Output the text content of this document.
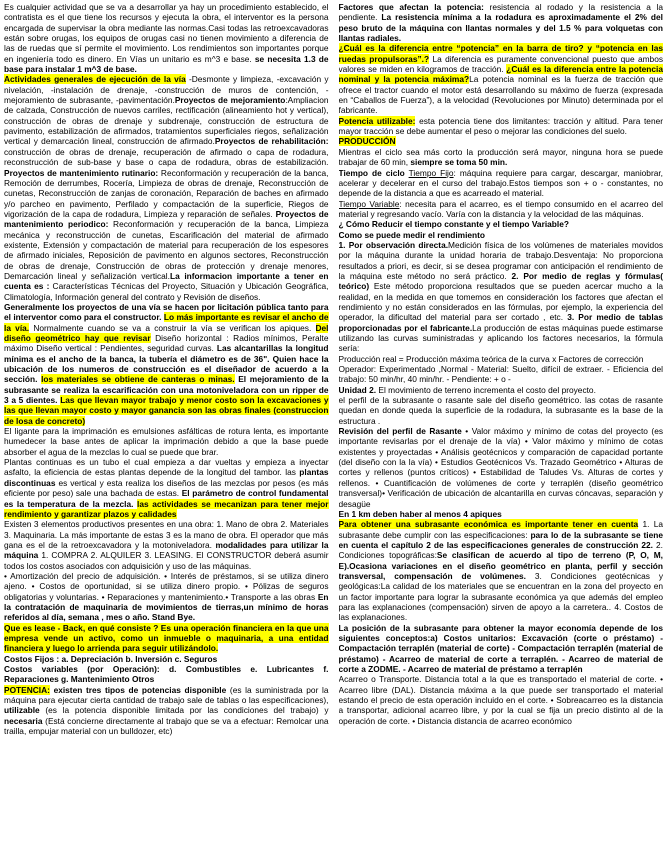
Es cualquier actividad que se va a desarrollar ya hay un procedimiento establecido, el contratista es el que tiene los recursos y ejecuta la obra, el interventor es la persona encargada de supervisar la obra mediante las normas.Casi todas las retroexcavadoras están sobre orugas, los equipos de orugas casi no tienen movimiento a diferencia de las de ruedas que sí permite el movimiento. Los rendimientos son importantes porque en ingeniería todo es dinero. En Vías un unitario es m^3 e base. se necesita 1.3 de base para instalar 1 m^3 de base.

Actividades generales de ejecución de la vía -Desmonte y limpieza, -excavación y nivelación, -instalación de drenaje, -construcción de muros de contención, -mejoramiento de subrasante, -pavimentación.Proyectos de mejoramiento:Ampliacion de calzada, Construcción de nuevos carriles, rectificación (alineamiento hot y vertical), construcción de obras de drenaje y subdrenaje, construcción de estructura de pavimento, estabilización de afirmados, tratamientos superficiales riegos, señalización vertical y demarcación lineal, construcción de afirmado.Proyectos de rehabilitación: construcción de obras de drenaje, recuperación de afirmado o capa de rodadura, reconstrucción de sub-base y base o capa de rodadura, obras de estabilización. Proyectos de mantenimiento rutinario: Reconformación y recuperación de la banca, Remoción de derrumbes, Rocería, Limpieza de obras de drenaje, Reconstrucción de cunetas, Reconstrucción de zanjas de coronación, Reparación de baches en afirmado y/o parcheo en pavimento, Perfilado y compactación de la superficie, Riegos de vigorización de la capa de rodadura, Limpieza y reparación de señales. Proyectos de mantenimiento periodico: Reconformación y recuperación de la banca, Limpieza mecánica y reconstrucción de cunetas, Escarificación del material de afirmado existente, Extensión y compactación de material para recuperación de los espesores de afirmado iniciales, Reposición de pavimento en algunos sectores, Reconstrucción de obras de drenaje, Construcción de obras de protección y drenaje menores, Demarcación lineal y señalización vertical.La informacion importante a tener en cuenta es : Características Técnicas del Proyecto, Situación y Ubicación Geográfica, Climatología, Información general del contrato y Revisión de diseños.

Generalmente los proyectos de una vía se hacen por licitación pública tanto para el interventor como para el constructor. Lo más importante es revisar el ancho de la vía. Normalmente cuando se va a construir la vía se verifican los apiques. Del diseño geométrico hay que revisar Diseño horizontal : Radios mínimos, Peralte máximo Diseño vertical : Pendientes, seguridad curvas. Las alcantarillas la longitud mínima es el ancho de la banca, la tubería el diámetro es de 36". Quien hace la ubicación de los numeros de construcción es el diseñador de acuerdo a la sección. los materiales se obtiene de canteras o minas. El mejoramiento de la subrasante se realiza la escarificación con una motoniveladora con un ripper de 3 a 5 dientes. Las que llevan mayor trabajo y menor costo son la excavaciones y las que llevan mayor costo y mayor ganancia son las obras finales (construccion de losa de concreto)

El ligante para la imprimación es emulsiones asfálticas de rotura lenta, es importante humedecer la base antes de aplicar la imprimación debido a que la base puede absorber el agua de la mezclas lo cual se puede que brar.

Plantas continuas es un tubo el cual empieza a dar vueltas y empieza a inyectar asfalto, la eficiencia de estas plantas depende de la longitud del tambor. las plantas discontinuas es vertical y esta realiza los diseños de las mezclas por pesos (es más eficiente por peso) sale una bachada de estas. El parámetro de control fundamental es la temperatura de la mezcla. las actividades se mecanizan para tener mejor rendimiento y garantizar plazos y calidades

Existen 3 elementos productivos presentes en una obra: 1. Mano de obra 2. Materiales 3. Maquinaria. La más importante de estas 3 es la mano de obra. El operador que más gana es el de la retroexcavadora y la motoniveladora. modalidades para utilizar la máquina 1. COMPRA 2. ALQUILER 3. LEASING. El CONSTRUCTOR deberá asumir todos los costos asociados con adquisición y uso de las máquinas.

• Amortización del precio de adquisición. • Interés de préstamos, si se utiliza dinero ajeno. • Costos de oportunidad, si se utiliza dinero propio. • Pólizas de seguros obligatorias y voluntarias. • Reparaciones y mantenimiento.• Transporte a las obras En la contratación de maquinaria de movimientos de tierras,un mínimo de horas referidos al día, semana , mes o año. Stand Bye.

Que es lease - Back, en qué consiste ? Es una operación financiera en la que una empresa vende un activo, como un inmueble o maquinaria, a una entidad financiera y luego lo arrienda para seguir utilizándolo.

Costos Fijos : a. Depreciación b. Inversión c. Seguros

Costos variables (por Operación): d. Combustibles e. Lubricantes f. Reparaciones g. Mantenimiento Otros

POTENCIA: existen tres tipos de potencias disponible (es la suministrada por la máquina para ejecutar cierta cantidad de trabajo sale de tablas o las especificaciones), utilizable (es la potencia disponible limitada por las condiciones del trabajo) y necesaria (Está concierne directamente al trabajo que se va a efectuar: Remolcar una trailla, empujar material con un bulldozer, etc)

Factores que afectan la potencia: resistencia al rodado y la resistencia a la pendiente. La resistencia mínima a la rodadura es aproximadamente el 2% del peso bruto de la máquina con llantas normales y del 1.5 % para volquetas con llantas radiales.

¿Cuál es la diferencia entre “potencia” en la barra de tiro? y “potencia en las ruedas propulsoras”.? La diferencia es puramente convencional puesto que ambos valores se miden en kilogramos de tracción. ¿Cuál es la diferencia entre la potencia nominal y la potencia máxima?La potencia nominal es la fuerza de tracción que ofrece el tractor cuando el motor está desarrollando su máximo de fuerza (expresada en “Caballos de Fuerza”), a la velocidad (Revoluciones por Minuto) determinada por el fabricante.

Potencia utilizable: esta potencia tiene dos limitantes: tracción y altitud. Para tener mayor tracción se debe aumentar el peso o mejorar las condiciones del suelo.

PRODUCCIÓN

Mientras el ciclo sea más corto la producción será mayor, ninguna hora se puede trabajar de 60 min, siempre se toma 50 min.

Tiempo de ciclo Tiempo Fijo: máquina requiere para cargar, descargar, maniobrar, acelerar y decelerar en el curso del trabajo.Estos tiempos son + o - constantes, no depende de la distancia a que es acarreado el material.

Tiempo Variable: necesita para el acarreo, es el tiempo consumido en el acarreo del material y regresando vacío. Varía con la distancia y la velocidad de las máquinas.

¿ Cómo Reducir el tiempo constante y el tiempo Variable?

Como se puede medir el rendimiento

1. Por observación directa.Medición física de los volúmenes de materiales movidos por la máquina durante la unidad horaria de trabajo.Desventaja: No proporciona resultados a priori, es decir, si se desea programar con anticipación el rendimiento de la máquina este método no será práctico. 2. Por medio de reglas y fórmulas( teórico) Este método proporciona resultados que se pueden acercar mucho a la realidad, en la medida en que tomemos en consideración los factores que afectan el rendimiento y no están considerados en las fórmulas, por ejemplo, la experiencia del operador, la dificultad del material para ser cortado , etc. 3. Por medio de tablas proporcionadas por el fabricante.La producción de estas máquinas puede estimarse utilizando las curvas suministradas y aplicando los factores necesarios, la fórmula sería:

Producción real = Producción máxima teórica de la curva x Factores de corrección

Operador: Experimentado ,Normal - Material: Suelto, difícil de extraer. - Eficiencia del trabajo: 50 min/hr, 40 min/hr. - Pendiente: + o -

Unidad 2. El movimiento de terreno incrementa el costo del proyecto.

el perfil de la subrasante o rasante sale del diseño geométrico. las cotas de rasante quedan en donde queda la superficie de la rodadura, la subrasante es la base de la estructura .

Revisión del perfil de Rasante • Valor máximo y mínimo de cotas del proyecto (es importante revisarlas por el drenaje de la vía) • Valor máximo y mínimo de cotas existentes y proyectadas • Análisis geotécnicos y comparación de capacidad portante (del diseño con la la vía) • Estudios Geotécnicos Vs. Trazado Geométrico • Alturas de cortes y rellenos (puntos críticos) • Estabilidad de Taludes Vs. Alturas de cortes y rellenos. • Cuantificación de volúmenes de corte y terraplén (diseño geométrico transversal)• Verificación de ubicación de alcantarilla en curvas cóncavas, separación y desagüe

En 1 km deben haber al menos 4 apiques

Para obtener una subrasante económica es importante tener en cuenta 1. La subrasante debe cumplir con las especificaciones: para lo de la subrasante se tiene en cuenta el capítulo 2 de las especificaciones generales de construcción 22. 2. Condiciones topográficas:Se clasifican de acuerdo al tipo de terreno (P, O, M, E).Ocasiona variaciones en el diseño geométrico en planta, perfil y sección transversal, compensación de volúmenes. 3. Condiciones geotécnicas y geológicas:La calidad de los materiales que se encuentran en la zona del proyecto en un factor importante para lograr la subrasante económica ya que además del empleo para las explanaciones (compensación) sirven de apoyo a la carretera.. 4. Costos de las explanaciones.

La posición de la subrasante para obtener la mayor economía depende de los siguientes conceptos:a) Costos unitarios: Excavación (corte o préstamo) - Compactación terraplén (material de corte) - Compactación terraplén (material de préstamo) - Acarreo de material de corte a terraplén. - Acarreo de material de corte a ZODME. - Acarreo de material de préstamo a terraplén

Acarreo o Transporte. Distancia total a la que es transportado el material de corte. • Acarreo libre (DAL). Distancia máxima a la que puede ser transportado el material estando el precio de esta operación incluido en el corte. • Sobreacarreo es la distancia a transportar, adicional acarreo libre, y por la cual se fija un precio distinto al de la operación de corte. • Distancia distancia de acarreo económico
